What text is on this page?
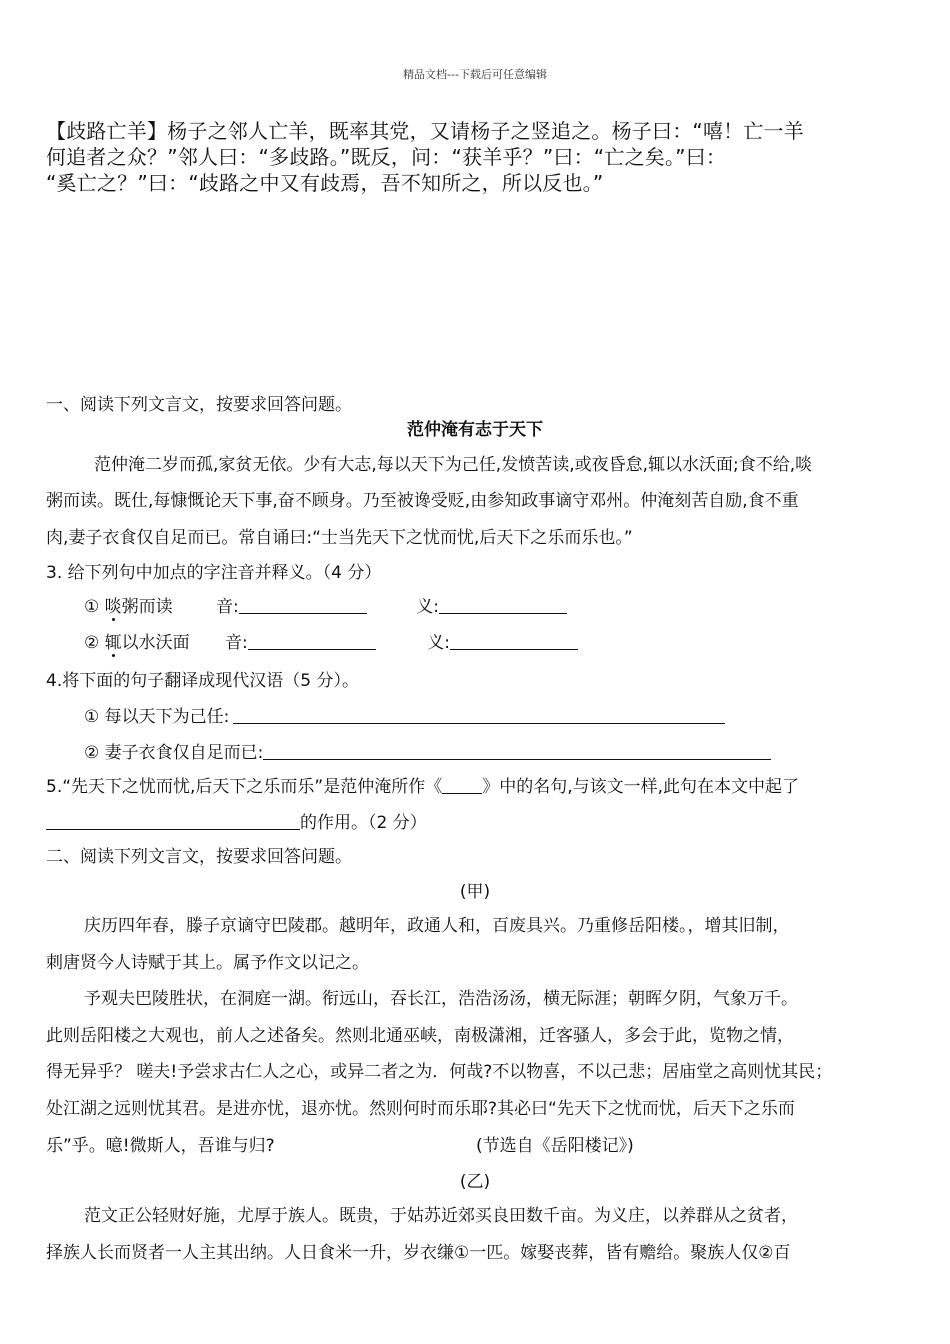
精品文档---下载后可任意编辑

【歧路亡羊】杨子之邻人亡羊，既率其党，又请杨子之竖追之。杨子曰：“嘻！亡一羊

何追者之众？”邻人曰：“多歧路。”既反，问：“获羊乎？”曰：“亡之矣。”曰：

“奚亡之？”曰：“歧路之中又有歧焉，吾不知所之，所以反也。”

一、阅读下列文言文，按要求回答问题。
范仲淹有志于天下
范仲淹二岁而孤,家贫无依。少有大志,每以天下为己任,发愤苦读,或夜昏怠,辄以水沃面;食不给,啖
粥而读。既仕,每慷慨论天下事,奋不顾身。乃至被谗受贬,由参知政事谪守邓州。仲淹刻苦自励,食不重
肉,妻子衣食仅自足而已。常自诵曰:“士当先天下之忧而忧,后天下之乐而乐也。”
3. 给下列句中加点的字注音并释义。（4 分）
① 啖粥而读	音:	义:
② 辄以水沃面 音:	义:
4.将下面的句子翻译成现代汉语（5 分）。
① 每以天下为己任:
② 妻子衣食仅自足而已:
5.“先天下之忧而忧,后天下之乐而乐”是范仲淹所作《 》中的名句,与该文一样,此句在本文中起了
的作用。（2 分）
二、阅读下列文言文，按要求回答问题。
(甲)
庆历四年春，滕子京谪守巴陵郡。越明年，政通人和，百废具兴。乃重修岳阳楼。，增其旧制，
刺唐贤今人诗赋于其上。属予作文以记之。
予观夫巴陵胜状，在洞庭一湖。衔远山，吞长江，浩浩汤汤，横无际涯；朝晖夕阴，气象万千。
此则岳阳楼之大观也，前人之述备矣。然则北通巫峡，南极潇湘，迁客骚人，多会于此，览物之情，
得无异乎？ 嗟夫!予尝求古仁人之心，或异二者之为．何哉?不以物喜，不以己悲；居庙堂之高则忧其民；
处江湖之远则忧其君。是进亦忧，退亦忧。然则何时而乐耶?其必曰“先天下之忧而忧，后天下之乐而
乐”乎。噫!微斯人，吾谁与归?	(节选自《岳阳楼记》)
(乙)
范文正公轻财好施，尤厚于族人。既贵，于姑苏近郊买良田数千亩。为义庄，以养群从之贫者，
择族人长而贤者一人主其出纳。人日食米一升，岁衣缣①一匹。嫁娶丧葬，皆有赡给。聚族人仅②百
